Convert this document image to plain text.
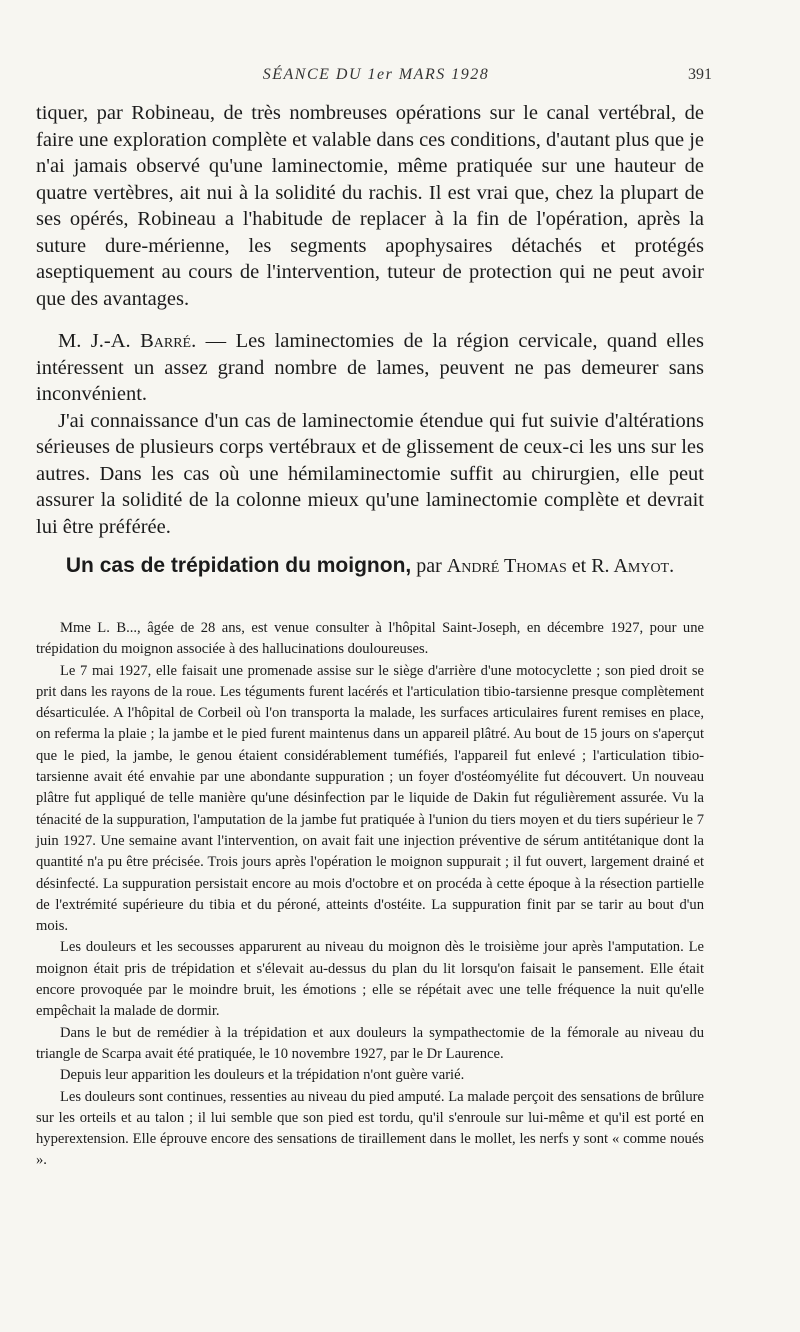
SÉANCE DU 1er MARS 1928	391

tiquer, par Robineau, de très nombreuses opérations sur le canal vertébral, de faire une exploration complète et valable dans ces conditions, d'autant plus que je n'ai jamais observé qu'une laminectomie, même pratiquée sur une hauteur de quatre vertèbres, ait nui à la solidité du rachis. Il est vrai que, chez la plupart de ses opérés, Robineau a l'habitude de replacer à la fin de l'opération, après la suture dure-mérienne, les segments apophysaires détachés et protégés aseptiquement au cours de l'intervention, tuteur de protection qui ne peut avoir que des avantages.

M. J.-A. Barré. — Les laminectomies de la région cervicale, quand elles intéressent un assez grand nombre de lames, peuvent ne pas demeurer sans inconvénient.

J'ai connaissance d'un cas de laminectomie étendue qui fut suivie d'altérations sérieuses de plusieurs corps vertébraux et de glissement de ceux-ci les uns sur les autres. Dans les cas où une hémilaminectomie suffit au chirurgien, elle peut assurer la solidité de la colonne mieux qu'une laminectomie complète et devrait lui être préférée.

Un cas de trépidation du moignon, par André Thomas et R. Amyot.

Mme L. B..., âgée de 28 ans, est venue consulter à l'hôpital Saint-Joseph, en décembre 1927, pour une trépidation du moignon associée à des hallucinations douloureuses.

Le 7 mai 1927, elle faisait une promenade assise sur le siège d'arrière d'une motocyclette ; son pied droit se prit dans les rayons de la roue. Les téguments furent lacérés et l'articulation tibio-tarsienne presque complètement désarticulée. A l'hôpital de Corbeil où l'on transporta la malade, les surfaces articulaires furent remises en place, on referma la plaie ; la jambe et le pied furent maintenus dans un appareil plâtré. Au bout de 15 jours on s'aperçut que le pied, la jambe, le genou étaient considérablement tuméfiés, l'appareil fut enlevé ; l'articulation tibio-tarsienne avait été envahie par une abondante suppuration ; un foyer d'ostéomyélite fut découvert. Un nouveau plâtre fut appliqué de telle manière qu'une désinfection par le liquide de Dakin fut régulièrement assurée. Vu la ténacité de la suppuration, l'amputation de la jambe fut pratiquée à l'union du tiers moyen et du tiers supérieur le 7 juin 1927. Une semaine avant l'intervention, on avait fait une injection préventive de sérum antitétanique dont la quantité n'a pu être précisée. Trois jours après l'opération le moignon suppurait ; il fut ouvert, largement drainé et désinfecté. La suppuration persistait encore au mois d'octobre et on procéda à cette époque à la résection partielle de l'extrémité supérieure du tibia et du péroné, atteints d'ostéite. La suppuration finit par se tarir au bout d'un mois.

Les douleurs et les secousses apparurent au niveau du moignon dès le troisième jour après l'amputation. Le moignon était pris de trépidation et s'élevait au-dessus du plan du lit lorsqu'on faisait le pansement. Elle était encore provoquée par le moindre bruit, les émotions ; elle se répétait avec une telle fréquence la nuit qu'elle empêchait la malade de dormir.

Dans le but de remédier à la trépidation et aux douleurs la sympathectomie de la fémorale au niveau du triangle de Scarpa avait été pratiquée, le 10 novembre 1927, par le Dr Laurence.

Depuis leur apparition les douleurs et la trépidation n'ont guère varié.

Les douleurs sont continues, ressenties au niveau du pied amputé. La malade perçoit des sensations de brûlure sur les orteils et au talon ; il lui semble que son pied est tordu, qu'il s'enroule sur lui-même et qu'il est porté en hyperextension. Elle éprouve encore des sensations de tiraillement dans le mollet, les nerfs y sont « comme noués ».
